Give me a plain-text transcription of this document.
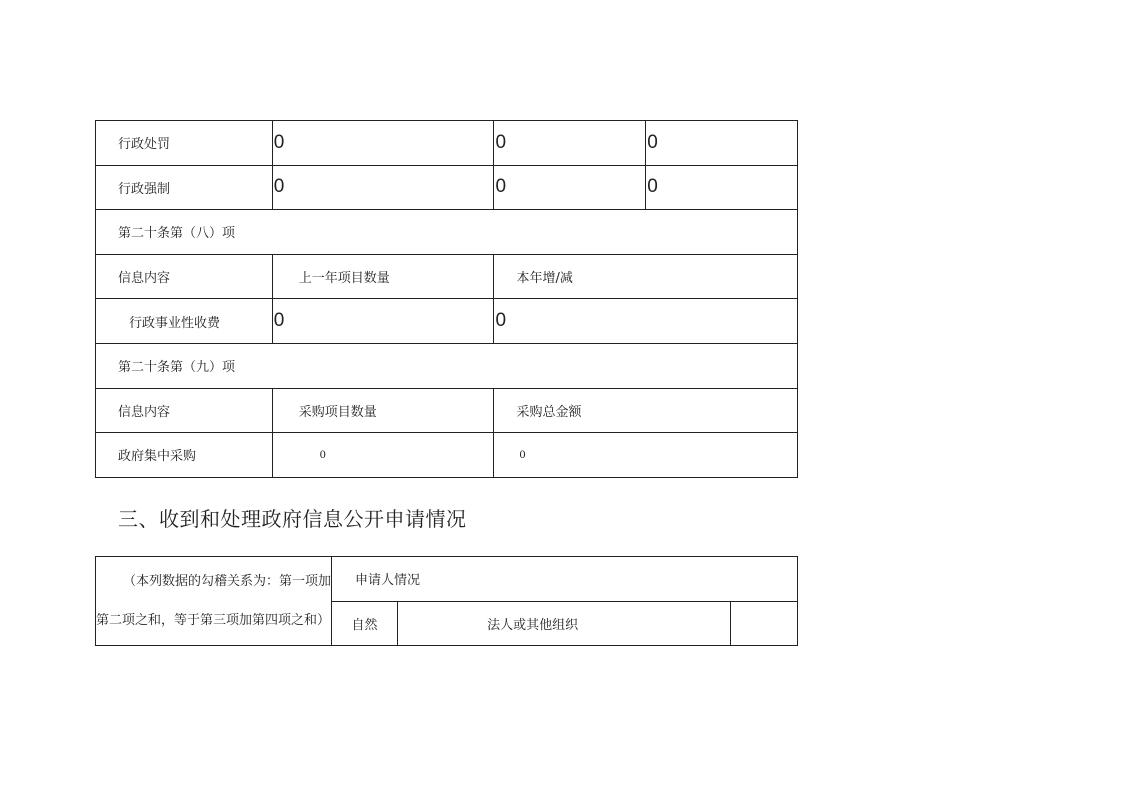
行政处罚	0	0	0
行政强制	0	0	0
第二十条第（八）项			
信息内容	上一年项目数量	本年增/减	
行政事业性收费	0	0	
第二十条第（九）项			
信息内容	采购项目数量	采购总金额	
政府集中采购	0	0	
三、收到和处理政府信息公开申请情况
（本列数据的勾稽关系为：第一项加
第二项之和，等于第三项加第四项之和）	申请人情况		
	自然	法人或其他组织	
